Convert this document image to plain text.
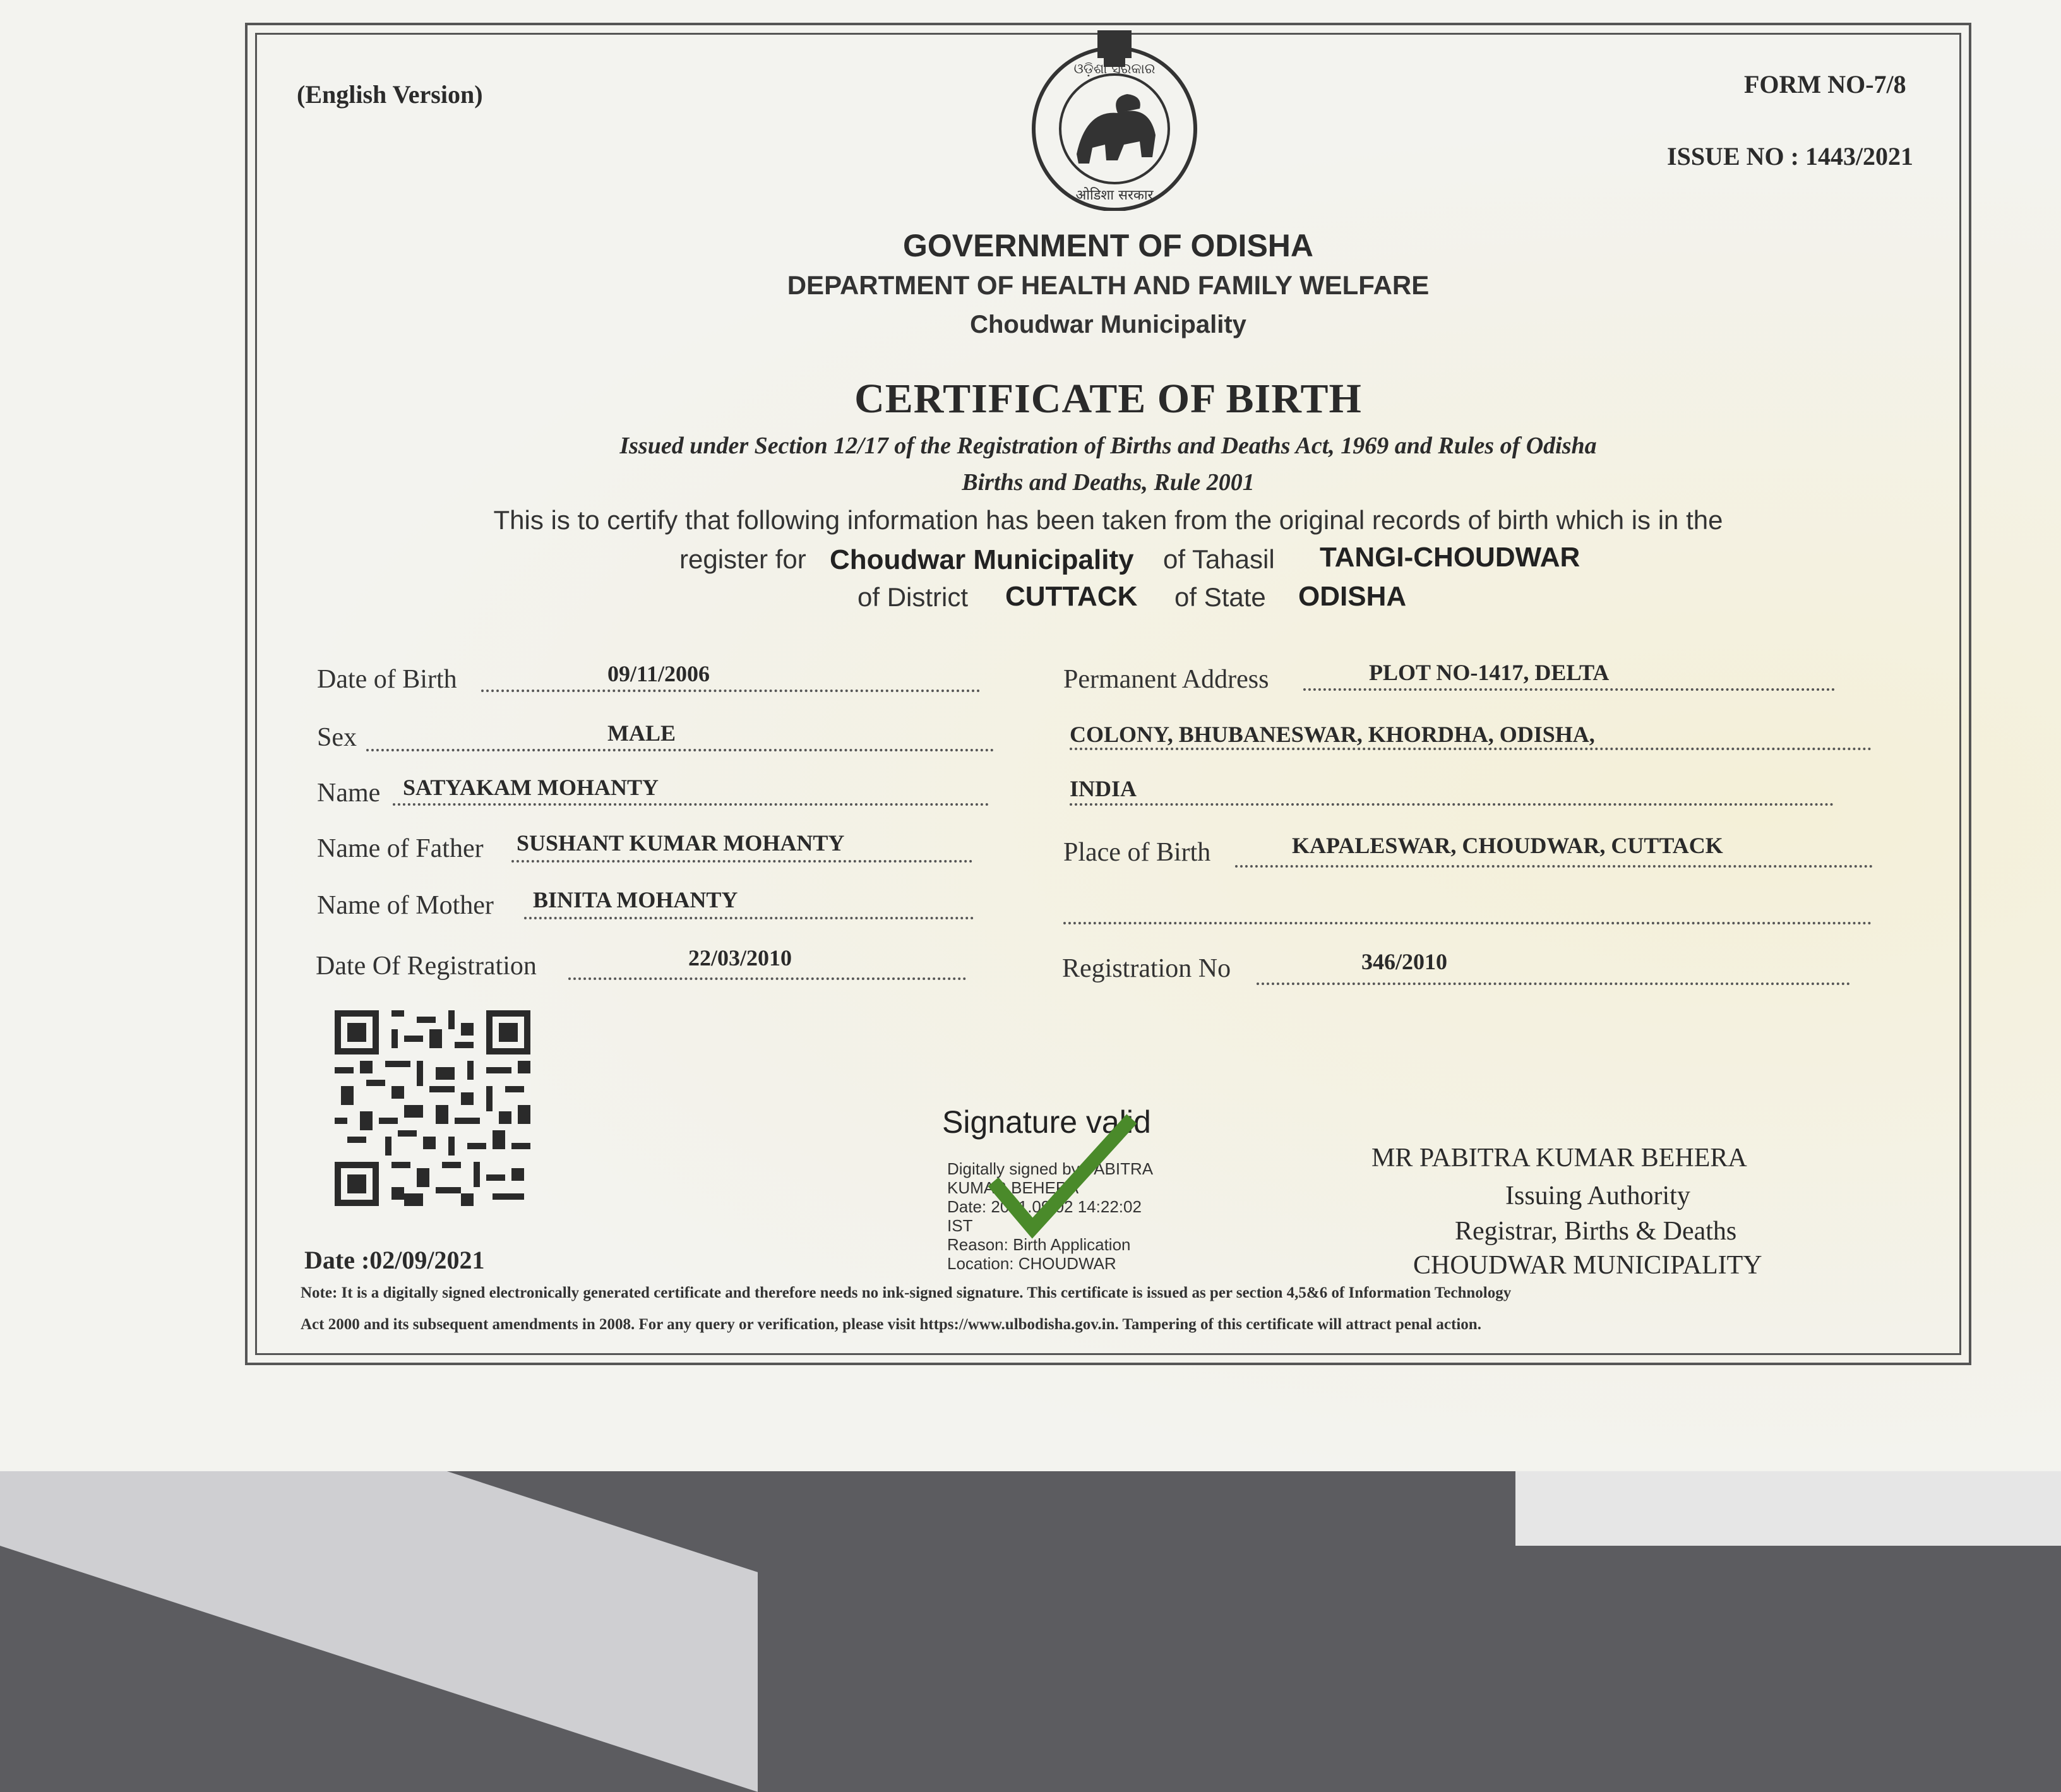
(English Version)	FORM NO-7/8
ISSUE NO : 1443/2021
ଓଡ଼ିଶା ସରକାର
ओडिशा सरकार
GOVERNMENT OF ODISHA
DEPARTMENT OF HEALTH AND FAMILY WELFARE
Choudwar Municipality
CERTIFICATE OF BIRTH
Issued under Section 12/17 of the Registration of Births and Deaths Act, 1969 and Rules of Odisha
Births and Deaths, Rule 2001
This is to certify that following information has been taken from the original records of birth which is in the
register for Choudwar Municipality of Tahasil TANGI-CHOUDWAR
of District CUTTACK of State ODISHA
Date of Birth	09/11/2006
Sex	MALE
Name SATYAKAM MOHANTY
Name of Father SUSHANT KUMAR MOHANTY
Name of Mother BINITA MOHANTY
Date Of Registration	22/03/2010
Permanent Address	PLOT NO-1417, DELTA
COLONY, BHUBANESWAR, KHORDHA, ODISHA,
INDIA
Place of Birth	KAPALESWAR, CHOUDWAR, CUTTACK
Registration No	346/2010
Signature valid
Digitally signed by PABITRA
KUMAR BEHERA
Date: 2021.09.02 14:22:02
IST
Reason: Birth Application
Location: CHOUDWAR
MR PABITRA KUMAR BEHERA
Issuing Authority
Registrar, Births & Deaths
CHOUDWAR MUNICIPALITY
Date :02/09/2021
Note: It is a digitally signed electronically generated certificate and therefore needs no ink-signed signature. This certificate is issued as per section 4,5&6 of Information Technology
Act 2000 and its subsequent amendments in 2008. For any query or verification, please visit https://www.ulbodisha.gov.in. Tampering of this certificate will attract penal action.
